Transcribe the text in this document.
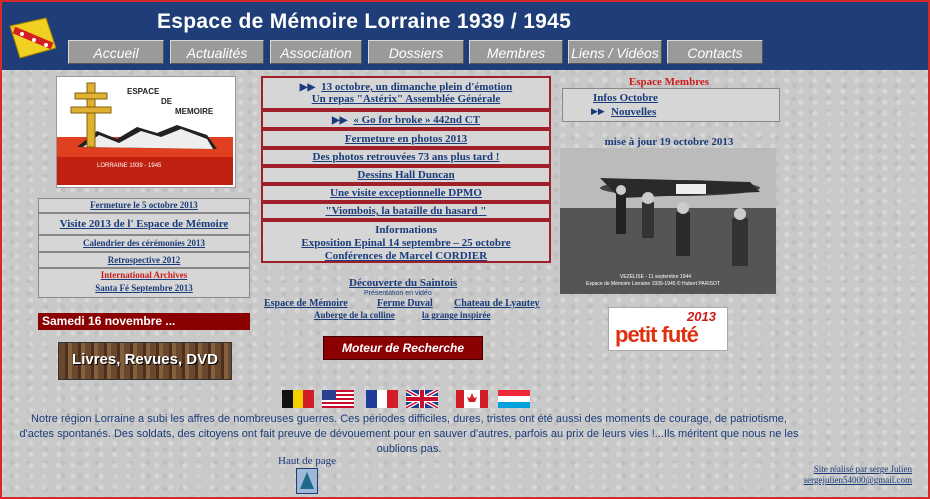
Espace de Mémoire Lorraine 1939 / 1945
Accueil	Actualités	Association	Dossiers	Membres	Liens / Vidéos	Contacts
ESPACE
DE
MEMOIRE
LORRAINE 1939 - 1945
Fermeture le 5 octobre 2013
Visite 2013 de l' Espace de Mémoire
Calendrier des cérémonies 2013
Retrospective 2012
International Archives
Santa Fé Septembre 2013
Samedi 16 novembre ...
Livres, Revues, DVD
▶▶ 13 octobre, un dimanche plein d'émotion
Un repas "Astérix" Assemblée Générale
▶▶ « Go for broke » 442nd CT
Fermeture en photos 2013
Des photos retrouvées 73 ans plus tard !
Dessins Hall Duncan
Une visite exceptionnelle DPMO
"Viombois, la bataille du hasard "
Informations
Exposition Epinal 14 septembre – 25 octobre
Conférences de Marcel CORDIER
Découverte du Saintois
Présentation en vidéo
Espace de Mémoire	Ferme Duval Chateau de Lyautey
Auberge de la colline	la grange inspirée
Moteur de Recherche
Espace Membres
Infos Octobre
▶▶ Nouvelles
mise à jour 19 octobre 2013
VEZELISE - 11 septembre 1944
Espace de Mémoire Lorraine 1939-1945 © Hubert PARISOT
2013
petit futé
Notre région Lorraine a subi les affres de nombreuses guerres. Ces périodes difficiles, dures, tristes ont été aussi des moments de courage, de patriotisme, d'actes spontanés. Des soldats, des citoyens ont fait preuve de dévouement pour en sauver d'autres, parfois au prix de leurs vies !...Ils méritent que nous ne les oublions pas.
Haut de page
Site réalisé par serge Julien
sergejulien54000@gmail.com
